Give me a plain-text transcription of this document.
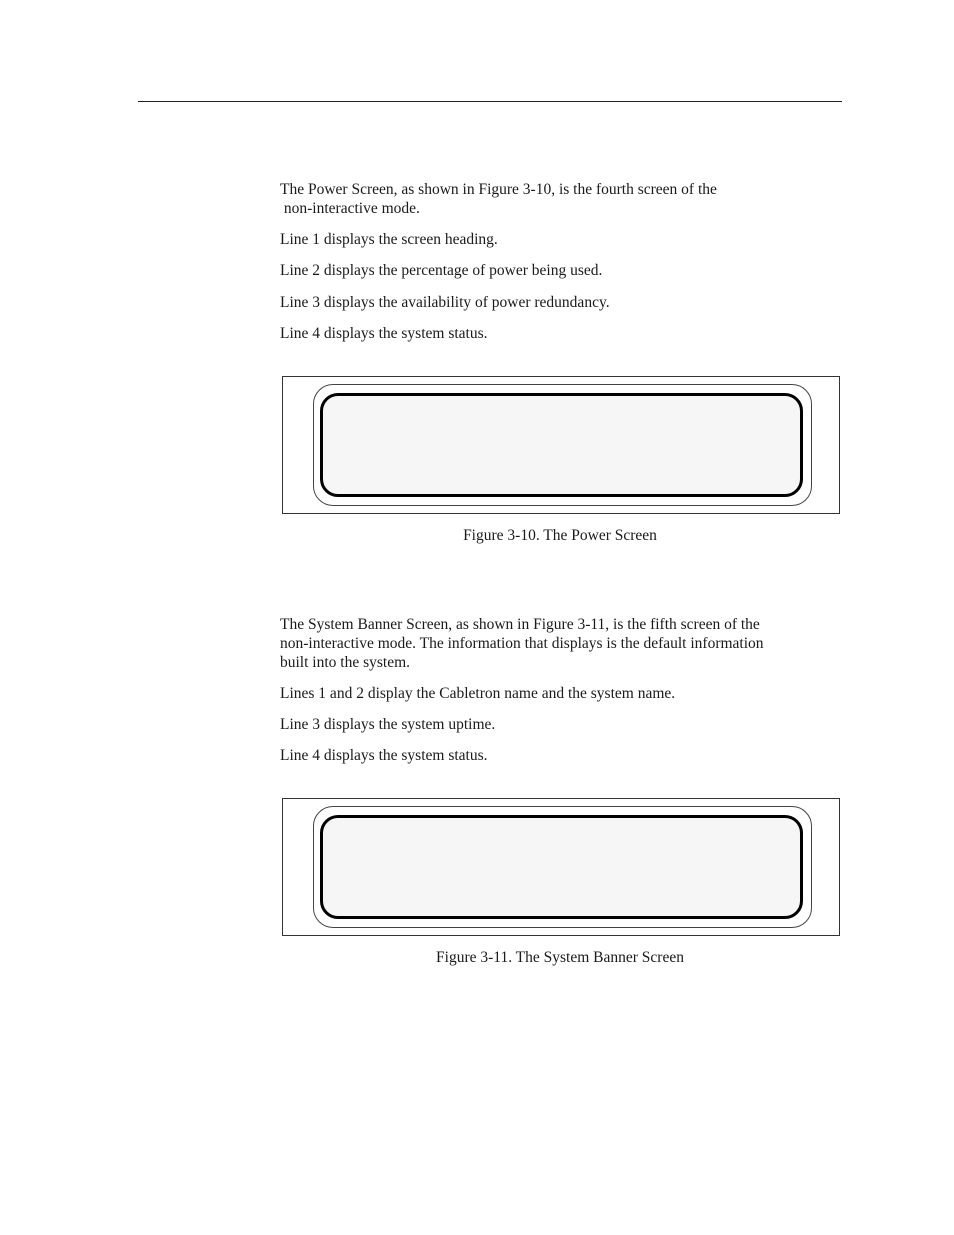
The Power Screen, as shown in Figure 3-10, is the fourth screen of the

non-interactive mode.

Line 1 displays the screen heading.

Line 2 displays the percentage of power being used.

Line 3 displays the availability of power redundancy.

Line 4 displays the system status.

Figure 3-10. The Power Screen

The System Banner Screen, as shown in Figure 3-11, is the fifth screen of the

non-interactive mode. The information that displays is the default information

built into the system.

Lines 1 and 2 display the Cabletron name and the system name.

Line 3 displays the system uptime.

Line 4 displays the system status.

Figure 3-11. The System Banner Screen
